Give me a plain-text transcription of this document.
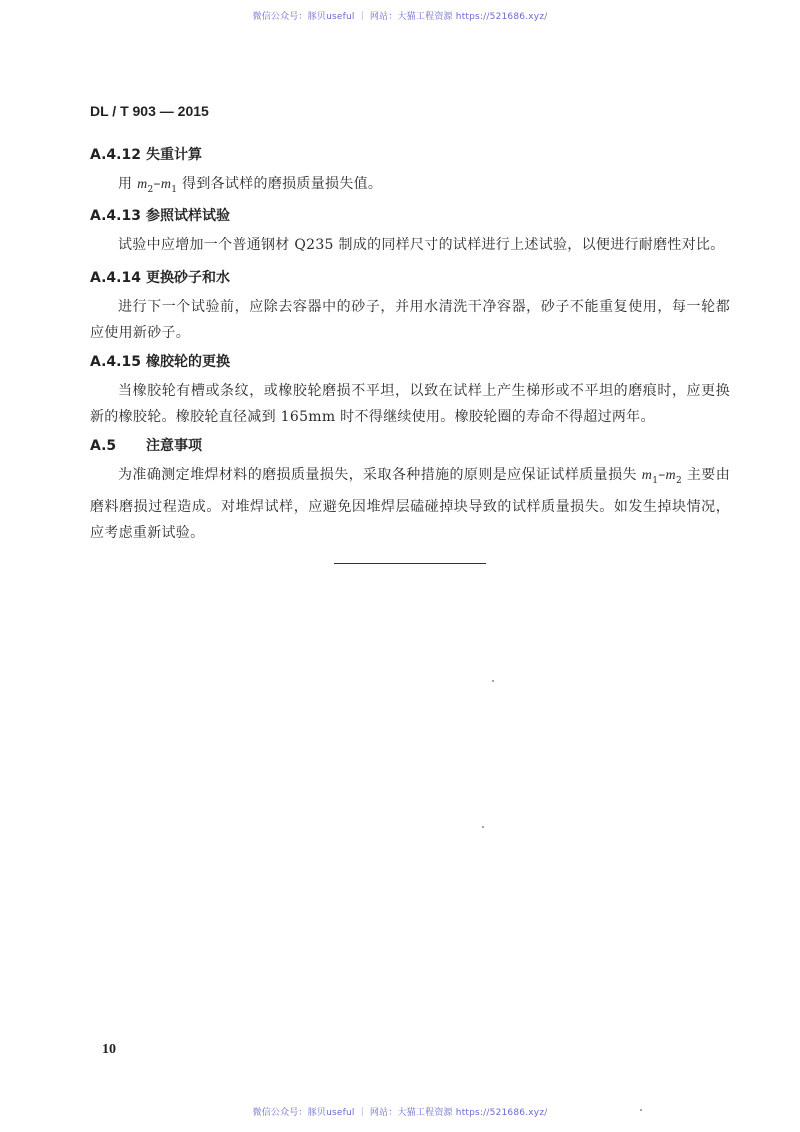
微信公众号：豚贝useful ｜ 网站：大猫工程资源 https://521686.xyz/
DL / T 903 — 2015
A.4.12 失重计算
用 $m_2-m_1$ 得到各试样的磨损质量损失值。
A.4.13 参照试样试验
试验中应增加一个普通钢材 Q235 制成的同样尺寸的试样进行上述试验，以便进行耐磨性对比。
A.4.14 更换砂子和水
进行下一个试验前，应除去容器中的砂子，并用水清洗干净容器，砂子不能重复使用，每一轮都应使用新砂子。
A.4.15 橡胶轮的更换
当橡胶轮有槽或条纹，或橡胶轮磨损不平坦，以致在试样上产生梯形或不平坦的磨痕时，应更换新的橡胶轮。橡胶轮直径减到 165mm 时不得继续使用。橡胶轮圈的寿命不得超过两年。
A.5 注意事项
为准确测定堆焊材料的磨损质量损失，采取各种措施的原则是应保证试样质量损失 $m_1-m_2$ 主要由磨料磨损过程造成。对堆焊试样，应避免因堆焊层磕碰掉块导致的试样质量损失。如发生掉块情况，应考虑重新试验。
10
微信公众号：豚贝useful ｜ 网站：大猫工程资源 https://521686.xyz/
